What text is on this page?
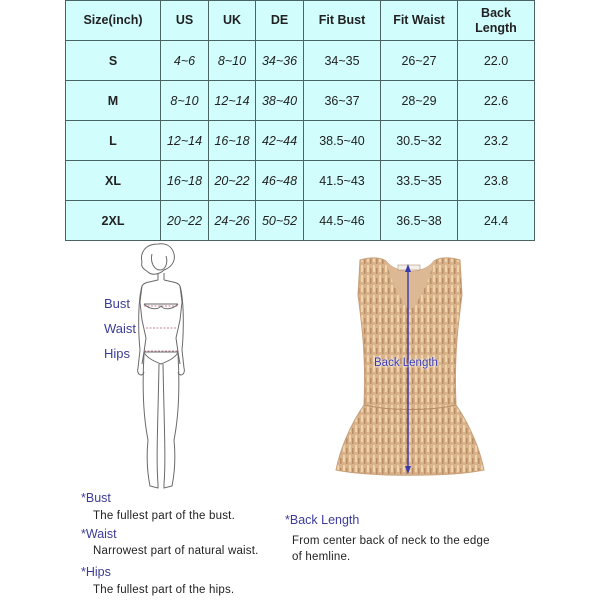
Size(inch)	US	UK	DE	Fit Bust	Fit Waist	Back
Length
S	4~6	8~10	34~36	34~35	26~27	22.0
M	8~10	12~14	38~40	36~37	28~29	22.6
L	12~14	16~18	42~44	38.5~40	30.5~32	23.2
XL	16~18	20~22	46~48	41.5~43	33.5~35	23.8
2XL	20~22	24~26	50~52	44.5~46	36.5~38	24.4
Bust
Waist
Hips
Back Length
*Bust
The fullest part of the bust.
*Waist
Narrowest part of natural waist.
*Hips
The fullest part of the hips.
*Back Length
From center back of neck to the edge
of hemline.
